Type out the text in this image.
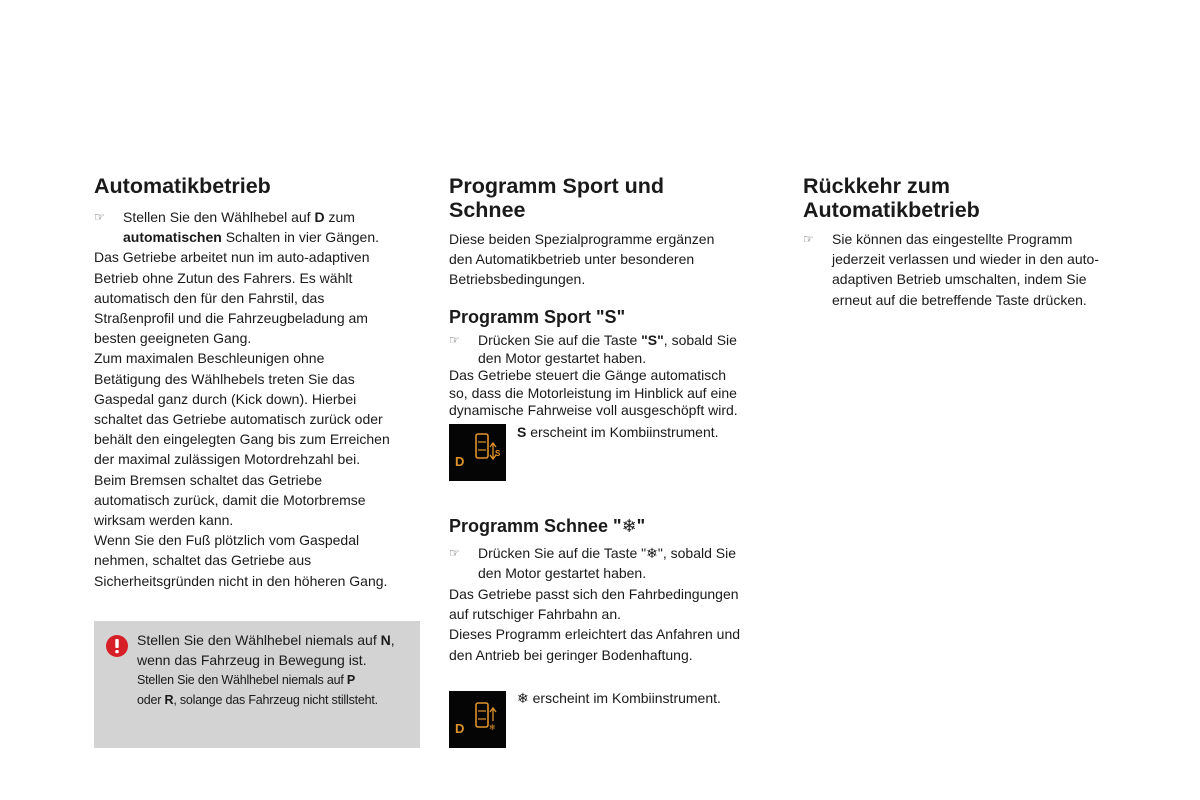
Automatikbetrieb
☞	Stellen Sie den Wählhebel auf D zum
automatischen Schalten in vier Gängen.

Das Getriebe arbeitet nun im auto-adaptiven

Betrieb ohne Zutun des Fahrers. Es wählt

automatisch den für den Fahrstil, das

Straßenprofil und die Fahrzeugbeladung am

besten geeigneten Gang.

Zum maximalen Beschleunigen ohne

Betätigung des Wählhebels treten Sie das

Gaspedal ganz durch (Kick down). Hierbei

schaltet das Getriebe automatisch zurück oder

behält den eingelegten Gang bis zum Erreichen

der maximal zulässigen Motordrehzahl bei.

Beim Bremsen schaltet das Getriebe

automatisch zurück, damit die Motorbremse

wirksam werden kann.

Wenn Sie den Fuß plötzlich vom Gaspedal

nehmen, schaltet das Getriebe aus

Sicherheitsgründen nicht in den höheren Gang.

Stellen Sie den Wählhebel niemals auf N,
wenn das Fahrzeug in Bewegung ist.
Stellen Sie den Wählhebel niemals auf P
oder R, solange das Fahrzeug nicht stillsteht.
Programm Sport und
Schnee

Diese beiden Spezialprogramme ergänzen

den Automatikbetrieb unter besonderen

Betriebsbedingungen.

Programm Sport "S"
☞	Drücken Sie auf die Taste "S", sobald Sie
den Motor gestartet haben.

Das Getriebe steuert die Gänge automatisch

so, dass die Motorleistung im Hinblick auf eine

dynamische Fahrweise voll ausgeschöpft wird.

D
S
S erscheint im Kombiinstrument.
Programm Schnee "❄"
☞	Drücken Sie auf die Taste "❄", sobald Sie
den Motor gestartet haben.

Das Getriebe passt sich den Fahrbedingungen

auf rutschiger Fahrbahn an.

Dieses Programm erleichtert das Anfahren und

den Antrieb bei geringer Bodenhaftung.

❄
D
❄ erscheint im Kombiinstrument.
Rückkehr zum
Automatikbetrieb
☞	Sie können das eingestellte Programm
jederzeit verlassen und wieder in den auto-
adaptiven Betrieb umschalten, indem Sie
erneut auf die betreffende Taste drücken.
